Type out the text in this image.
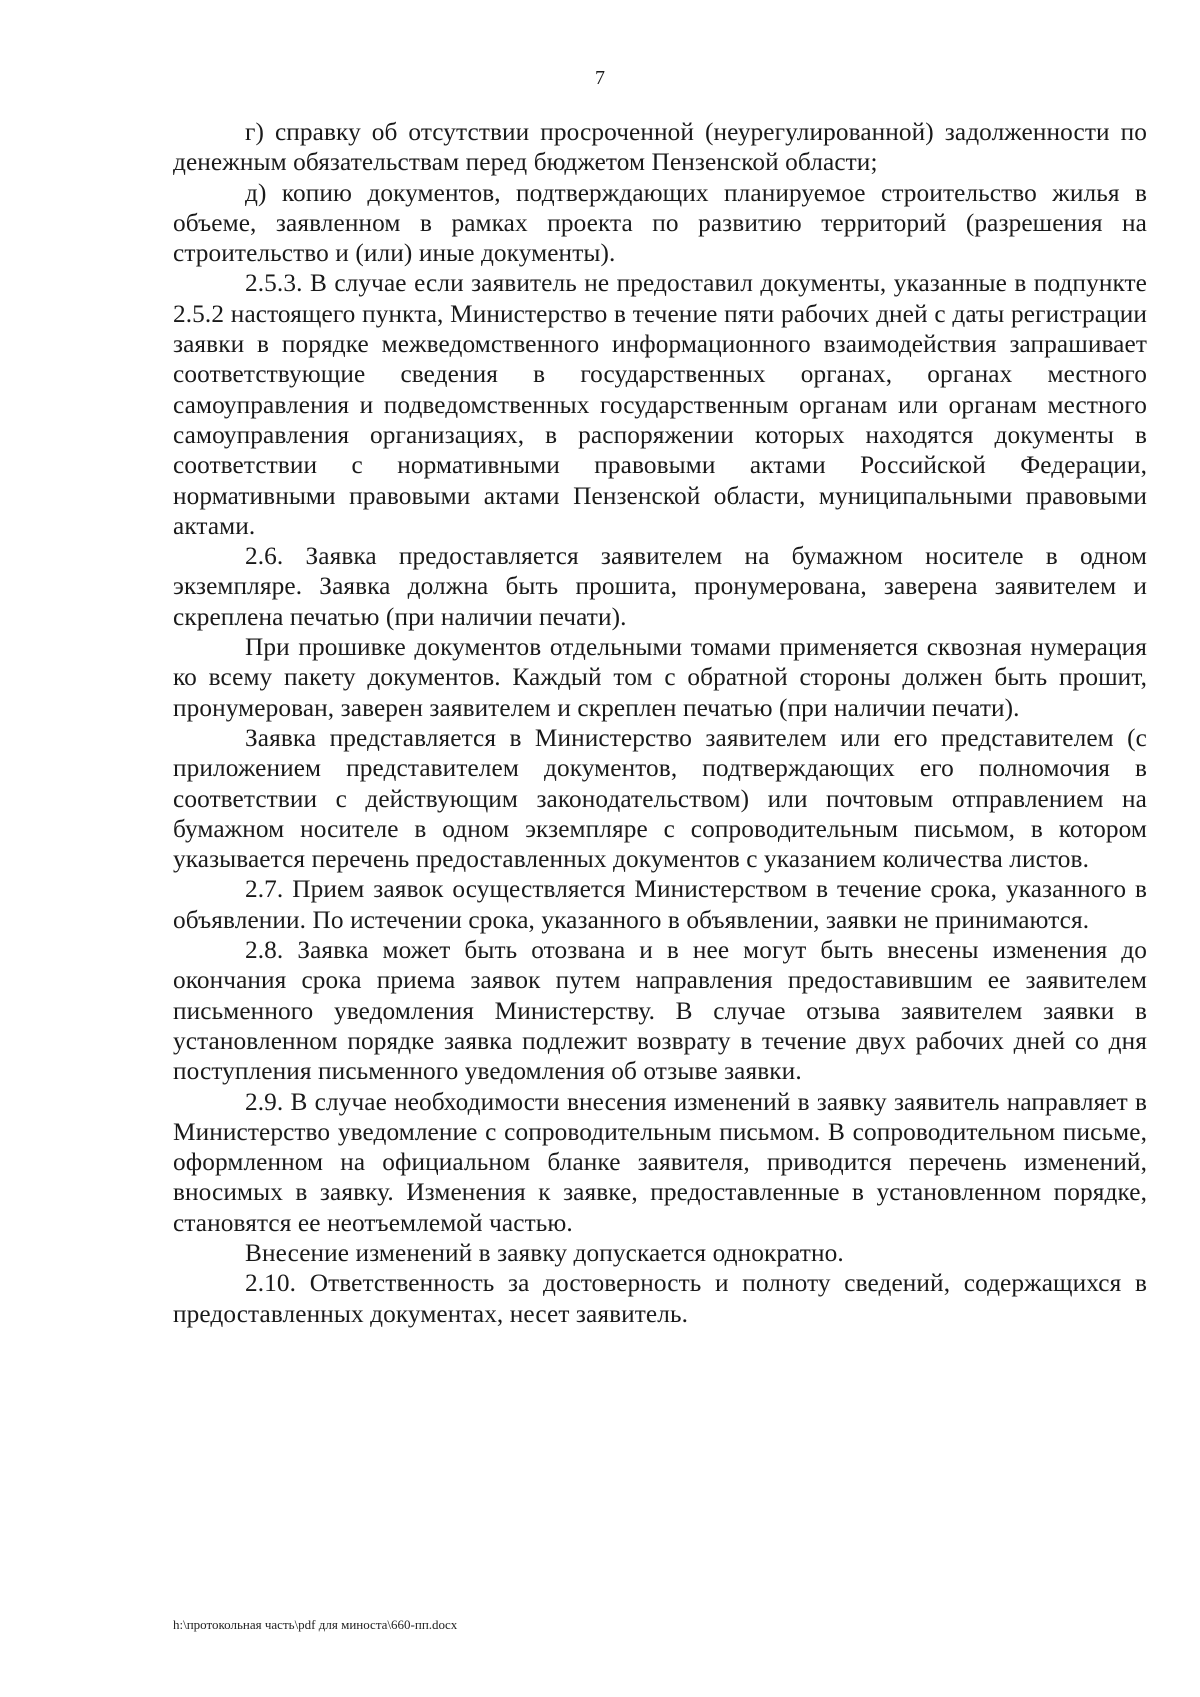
7

г) справку об отсутствии просроченной (неурегулированной) задолженности по денежным обязательствам перед бюджетом Пензенской области;

д) копию документов, подтверждающих планируемое строительство жилья в объеме, заявленном в рамках проекта по развитию территорий (разрешения на строительство и (или) иные документы).

2.5.3. В случае если заявитель не предоставил документы, указанные в подпункте 2.5.2 настоящего пункта, Министерство в течение пяти рабочих дней с даты регистрации заявки в порядке межведомственного информационного взаимодействия запрашивает соответствующие сведения в государственных органах, органах местного самоуправления и подведомственных государственным органам или органам местного самоуправления организациях, в распоряжении которых находятся документы в соответствии с нормативными правовыми актами Российской Федерации, нормативными правовыми актами Пензенской области, муниципальными правовыми актами.

2.6. Заявка предоставляется заявителем на бумажном носителе в одном экземпляре. Заявка должна быть прошита, пронумерована, заверена заявителем и скреплена печатью (при наличии печати).

При прошивке документов отдельными томами применяется сквозная нумерация ко всему пакету документов. Каждый том с обратной стороны должен быть прошит, пронумерован, заверен заявителем и скреплен печатью (при наличии печати).

Заявка представляется в Министерство заявителем или его представителем (с приложением представителем документов, подтверждающих его полномочия в соответствии с действующим законодательством) или почтовым отправлением на бумажном носителе в одном экземпляре с сопроводительным письмом, в котором указывается перечень предоставленных документов с указанием количества листов.

2.7. Прием заявок осуществляется Министерством в течение срока, указанного в объявлении. По истечении срока, указанного в объявлении, заявки не принимаются.

2.8. Заявка может быть отозвана и в нее могут быть внесены изменения до окончания срока приема заявок путем направления предоставившим ее заявителем письменного уведомления Министерству. В случае отзыва заявителем заявки в установленном порядке заявка подлежит возврату в течение двух рабочих дней со дня поступления письменного уведомления об отзыве заявки.

2.9. В случае необходимости внесения изменений в заявку заявитель направляет в Министерство уведомление с сопроводительным письмом. В сопроводительном письме, оформленном на официальном бланке заявителя, приводится перечень изменений, вносимых в заявку. Изменения к заявке, предоставленные в установленном порядке, становятся ее неотъемлемой частью.

Внесение изменений в заявку допускается однократно.

2.10. Ответственность за достоверность и полноту сведений, содержащихся в предоставленных документах, несет заявитель.

h:\протокольная часть\pdf для миноста\660-пп.docx
